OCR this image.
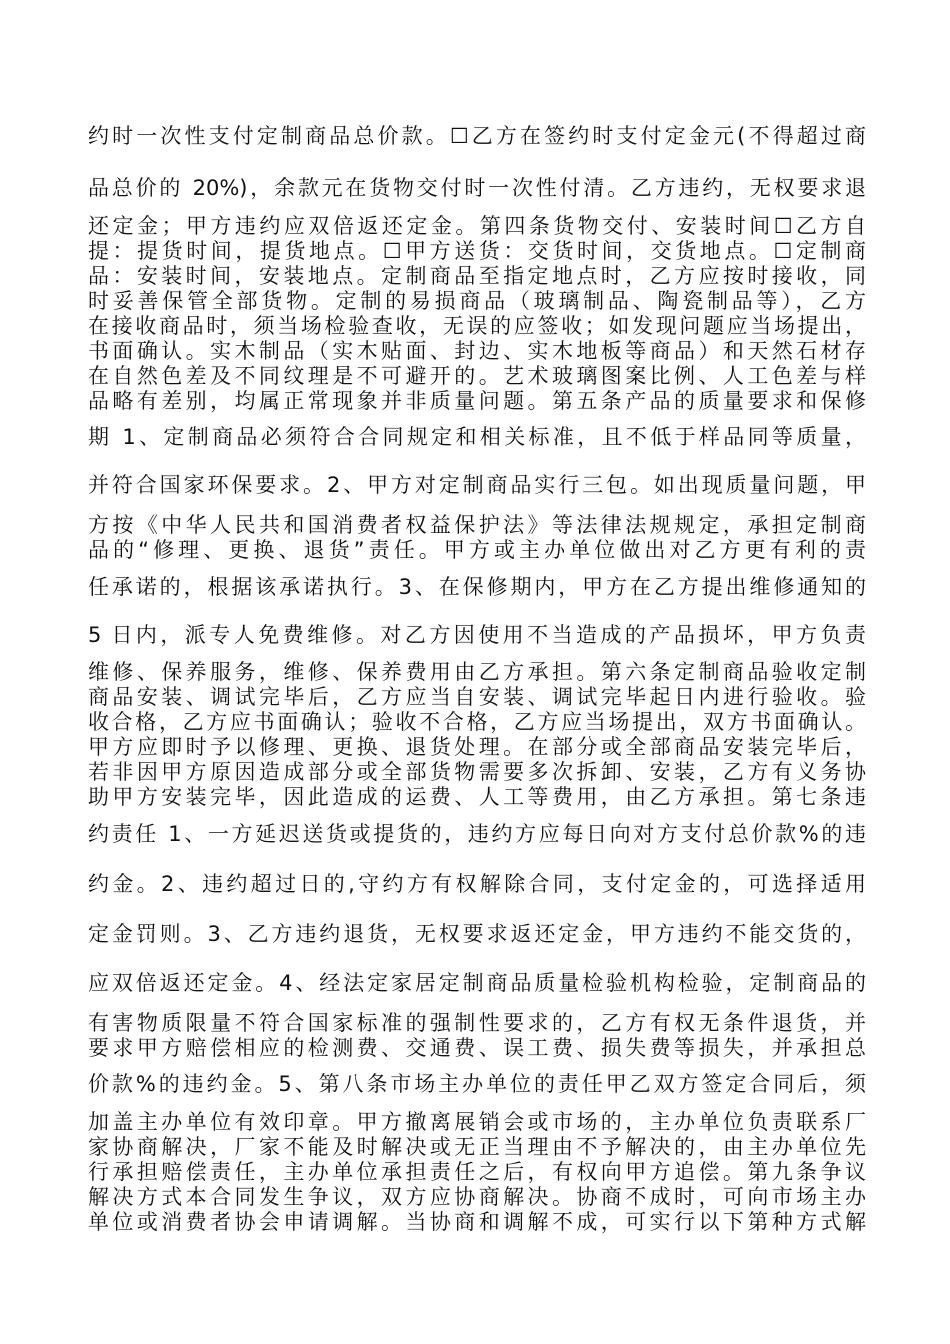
约时一次性支付定制商品总价款。☐乙方在签约时支付定金元(不得超过商
品总价的 20%)，余款元在货物交付时一次性付清。乙方违约，无权要求退
还定金；甲方违约应双倍返还定金。第四条货物交付、安装时间☐乙方自
提：提货时间，提货地点。☐甲方送货：交货时间，交货地点。☐定制商
品：安装时间，安装地点。定制商品至指定地点时，乙方应按时接收，同
时妥善保管全部货物。定制的易损商品（玻璃制品、陶瓷制品等），乙方
在接收商品时，须当场检验查收，无误的应签收；如发现问题应当场提出，
书面确认。实木制品（实木贴面、封边、实木地板等商品）和天然石材存
在自然色差及不同纹理是不可避开的。艺术玻璃图案比例、人工色差与样
品略有差别，均属正常现象并非质量问题。第五条产品的质量要求和保修
期 1、定制商品必须符合合同规定和相关标准，且不低于样品同等质量，
并符合国家环保要求。2、甲方对定制商品实行三包。如出现质量问题，甲
方按《中华人民共和国消费者权益保护法》等法律法规规定，承担定制商
品的“修理、更换、退货”责任。甲方或主办单位做出对乙方更有利的责
任承诺的，根据该承诺执行。3、在保修期内，甲方在乙方提出维修通知的
5 日内，派专人免费维修。对乙方因使用不当造成的产品损坏，甲方负责
维修、保养服务，维修、保养费用由乙方承担。第六条定制商品验收定制
商品安装、调试完毕后，乙方应当自安装、调试完毕起日内进行验收。验
收合格，乙方应书面确认；验收不合格，乙方应当场提出，双方书面确认。
甲方应即时予以修理、更换、退货处理。在部分或全部商品安装完毕后，
若非因甲方原因造成部分或全部货物需要多次拆卸、安装，乙方有义务协
助甲方安装完毕，因此造成的运费、人工等费用，由乙方承担。第七条违
约责任 1、一方延迟送货或提货的，违约方应每日向对方支付总价款%的违
约金。2、违约超过日的,守约方有权解除合同，支付定金的，可选择适用
定金罚则。3、乙方违约退货，无权要求返还定金，甲方违约不能交货的，
应双倍返还定金。4、经法定家居定制商品质量检验机构检验，定制商品的
有害物质限量不符合国家标准的强制性要求的，乙方有权无条件退货，并
要求甲方赔偿相应的检测费、交通费、误工费、损失费等损失，并承担总
价款%的违约金。5、第八条市场主办单位的责任甲乙双方签定合同后，须
加盖主办单位有效印章。甲方撤离展销会或市场的，主办单位负责联系厂
家协商解决，厂家不能及时解决或无正当理由不予解决的，由主办单位先
行承担赔偿责任，主办单位承担责任之后，有权向甲方追偿。第九条争议
解决方式本合同发生争议，双方应协商解决。协商不成时，可向市场主办
单位或消费者协会申请调解。当协商和调解不成，可实行以下第种方式解
